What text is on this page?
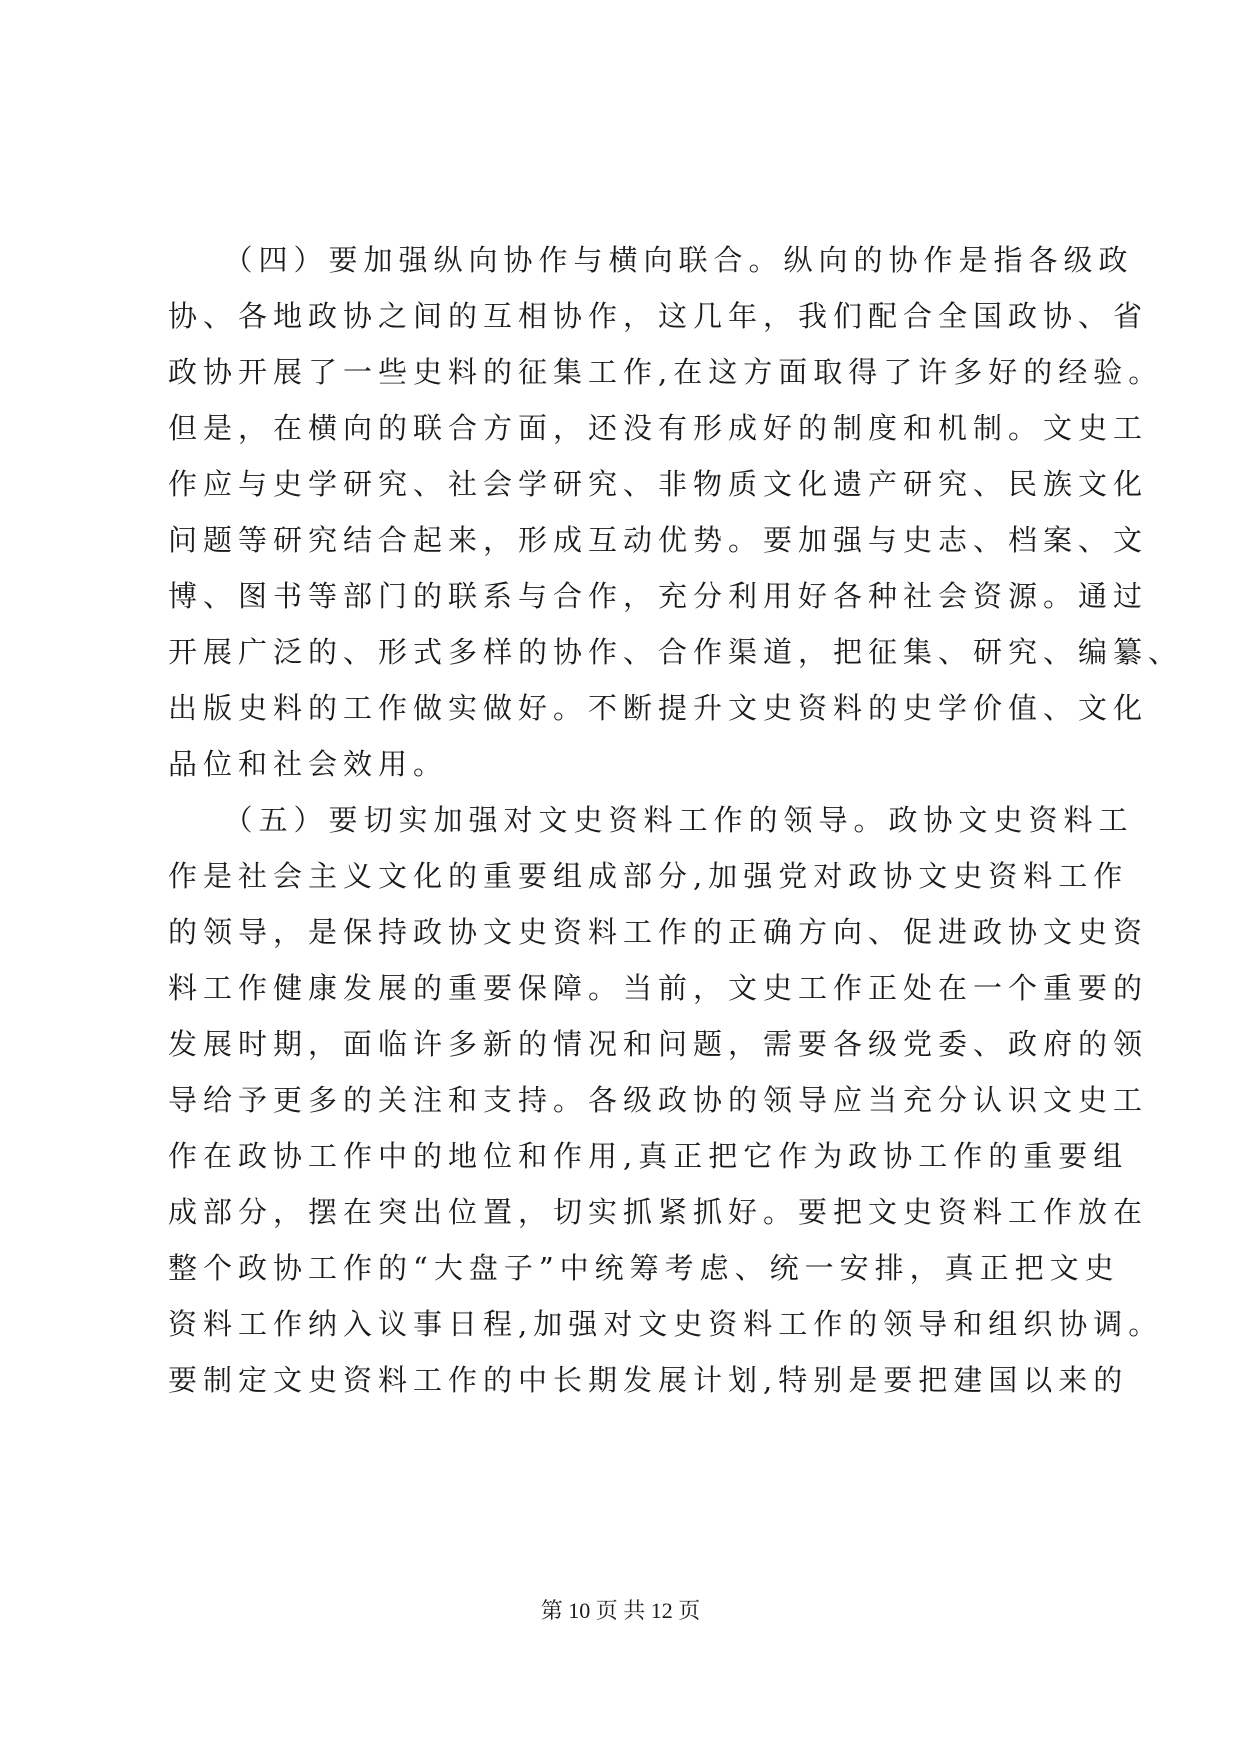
　　（四）要加强纵向协作与横向联合。纵向的协作是指各级政
协、各地政协之间的互相协作，这几年，我们配合全国政协、省
政协开展了一些史料的征集工作,在这方面取得了许多好的经验。
但是，在横向的联合方面，还没有形成好的制度和机制。文史工
作应与史学研究、社会学研究、非物质文化遗产研究、民族文化
问题等研究结合起来，形成互动优势。要加强与史志、档案、文
博、图书等部门的联系与合作，充分利用好各种社会资源。通过
开展广泛的、形式多样的协作、合作渠道，把征集、研究、编纂、
出版史料的工作做实做好。不断提升文史资料的史学价值、文化
品位和社会效用。
　　（五）要切实加强对文史资料工作的领导。政协文史资料工
作是社会主义文化的重要组成部分,加强党对政协文史资料工作
的领导，是保持政协文史资料工作的正确方向、促进政协文史资
料工作健康发展的重要保障。当前，文史工作正处在一个重要的
发展时期，面临许多新的情况和问题，需要各级党委、政府的领
导给予更多的关注和支持。各级政协的领导应当充分认识文史工
作在政协工作中的地位和作用,真正把它作为政协工作的重要组
成部分，摆在突出位置，切实抓紧抓好。要把文史资料工作放在
整个政协工作的“大盘子”中统筹考虑、统一安排，真正把文史
资料工作纳入议事日程,加强对文史资料工作的领导和组织协调。
要制定文史资料工作的中长期发展计划,特别是要把建国以来的
第 10 页 共 12 页
